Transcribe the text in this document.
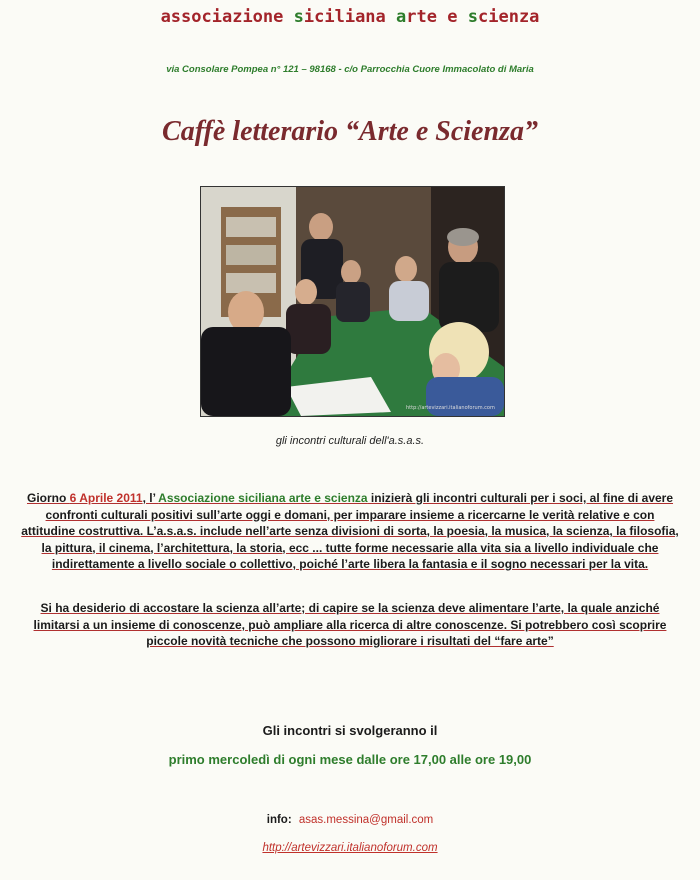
associazione siciliana arte e scienza
via Consolare Pompea n° 121 – 98168 - c/o Parrocchia Cuore Immacolato di Maria
Caffè letterario “Arte e Scienza”
http://artevizzari.italianoforum.com
gli incontri culturali dell'a.s.a.s.
Giorno 6 Aprile 2011, l’ Associazione siciliana arte e scienza inizierà gli incontri culturali per i soci, al fine di avere confronti culturali positivi sull’arte oggi e domani, per imparare insieme a ricercarne le verità relative e con attitudine costruttiva. L’a.s.a.s. include nell’arte senza divisioni di sorta, la poesia, la musica, la scienza, la filosofia, la pittura, il cinema, l’architettura, la storia, ecc ... tutte forme necessarie alla vita sia a livello individuale che indirettamente a livello sociale o collettivo, poiché l’arte libera la fantasia e il sogno necessari per la vita.
Si ha desiderio di accostare la scienza all’arte; di capire se la scienza deve alimentare l’arte, la quale anziché limitarsi a un insieme di conoscenze, può ampliare alla ricerca di altre conoscenze. Si potrebbero così scoprire piccole novità tecniche che possono migliorare i risultati del “fare arte”
Gli incontri si svolgeranno il
primo mercoledì di ogni mese dalle ore 17,00 alle ore 19,00
info: asas.messina@gmail.com
http://artevizzari.italianoforum.com
